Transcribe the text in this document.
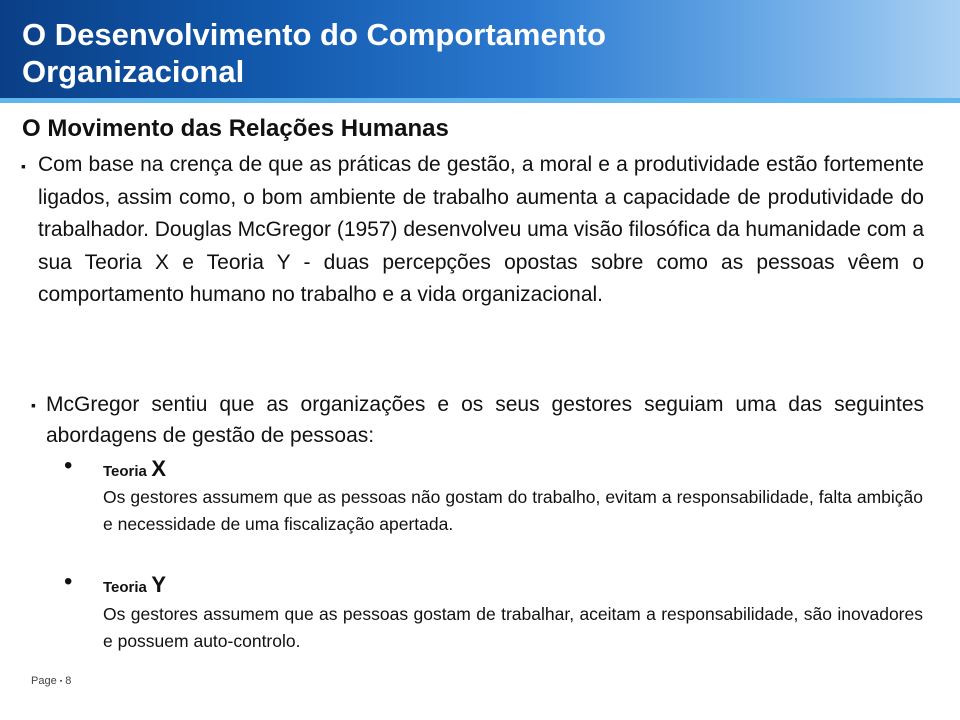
O Desenvolvimento do Comportamento
Organizacional
O Movimento das Relações Humanas
▪ Com base na crença de que as práticas de gestão, a moral e a produtividade estão fortemente ligados, assim como, o bom ambiente de trabalho aumenta a capacidade de produtividade do trabalhador. Douglas McGregor (1957) desenvolveu uma visão filosófica da humanidade com a sua Teoria X e Teoria Y - duas percepções opostas sobre como as pessoas vêem o comportamento humano no trabalho e a vida organizacional.

▪ McGregor sentiu que as organizações e os seus gestores seguiam uma das seguintes abordagens de gestão de pessoas:

• Teoria X

Os gestores assumem que as pessoas não gostam do trabalho, evitam a responsabilidade, falta ambição e necessidade de uma fiscalização apertada.

• Teoria Y

Os gestores assumem que as pessoas gostam de trabalhar, aceitam a responsabilidade, são inovadores e possuem auto-controlo.

Page ▪ 8
